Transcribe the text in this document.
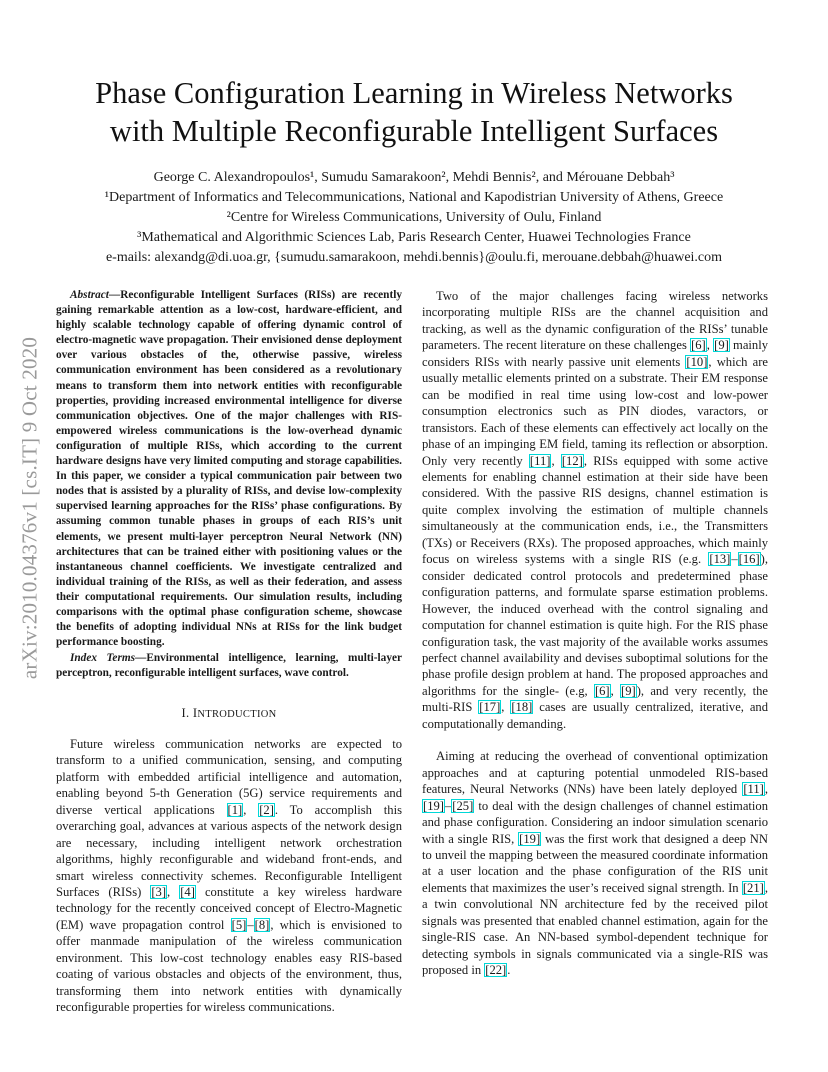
arXiv:2010.04376v1 [cs.IT] 9 Oct 2020
Phase Configuration Learning in Wireless Networks
with Multiple Reconfigurable Intelligent Surfaces
George C. Alexandropoulos¹, Sumudu Samarakoon², Mehdi Bennis², and Mérouane Debbah³
¹Department of Informatics and Telecommunications, National and Kapodistrian University of Athens, Greece
²Centre for Wireless Communications, University of Oulu, Finland
³Mathematical and Algorithmic Sciences Lab, Paris Research Center, Huawei Technologies France
e-mails: alexandg@di.uoa.gr, {sumudu.samarakoon, mehdi.bennis}@oulu.fi, merouane.debbah@huawei.com

Abstract—Reconfigurable Intelligent Surfaces (RISs) are recently gaining remarkable attention as a low-cost, hardware-efficient, and highly scalable technology capable of offering dynamic control of electro-magnetic wave propagation. Their envisioned dense deployment over various obstacles of the, otherwise passive, wireless communication environment has been considered as a revolutionary means to transform them into network entities with reconfigurable properties, providing increased environmental intelligence for diverse communication objectives. One of the major challenges with RIS-empowered wireless communications is the low-overhead dynamic configuration of multiple RISs, which according to the current hardware designs have very limited computing and storage capabilities. In this paper, we consider a typical communication pair between two nodes that is assisted by a plurality of RISs, and devise low-complexity supervised learning approaches for the RISs’ phase configurations. By assuming common tunable phases in groups of each RIS’s unit elements, we present multi-layer perceptron Neural Network (NN) architectures that can be trained either with positioning values or the instantaneous channel coefficients. We investigate centralized and individual training of the RISs, as well as their federation, and assess their computational requirements. Our simulation results, including comparisons with the optimal phase configuration scheme, showcase the benefits of adopting individual NNs at RISs for the link budget performance boosting.

Index Terms—Environmental intelligence, learning, multi-layer perceptron, reconfigurable intelligent surfaces, wave control.

I. INTRODUCTION

Future wireless communication networks are expected to transform to a unified communication, sensing, and computing platform with embedded artificial intelligence and automation, enabling beyond 5-th Generation (5G) service requirements and diverse vertical applications [1], [2]. To accomplish this overarching goal, advances at various aspects of the network design are necessary, including intelligent network orchestration algorithms, highly reconfigurable and wideband front-ends, and smart wireless connectivity schemes. Reconfigurable Intelligent Surfaces (RISs) [3], [4] constitute a key wireless hardware technology for the recently conceived concept of Electro-Magnetic (EM) wave propagation control [5]–[8], which is envisioned to offer manmade manipulation of the wireless communication environment. This low-cost technology enables easy RIS-based coating of various obstacles and objects of the environment, thus, transforming them into network entities with dynamically reconfigurable properties for wireless communications.

Two of the major challenges facing wireless networks incorporating multiple RISs are the channel acquisition and tracking, as well as the dynamic configuration of the RISs’ tunable parameters. The recent literature on these challenges [6], [9] mainly considers RISs with nearly passive unit elements [10], which are usually metallic elements printed on a substrate. Their EM response can be modified in real time using low-cost and low-power consumption electronics such as PIN diodes, varactors, or transistors. Each of these elements can effectively act locally on the phase of an impinging EM field, taming its reflection or absorption. Only very recently [11], [12], RISs equipped with some active elements for enabling channel estimation at their side have been considered. With the passive RIS designs, channel estimation is quite complex involving the estimation of multiple channels simultaneously at the communication ends, i.e., the Transmitters (TXs) or Receivers (RXs). The proposed approaches, which mainly focus on wireless systems with a single RIS (e.g. [13]–[16]), consider dedicated control protocols and predetermined phase configuration patterns, and formulate sparse estimation problems. However, the induced overhead with the control signaling and computation for channel estimation is quite high. For the RIS phase configuration task, the vast majority of the available works assumes perfect channel availability and devises suboptimal solutions for the phase profile design problem at hand. The proposed approaches and algorithms for the single- (e.g, [6], [9]), and very recently, the multi-RIS [17], [18] cases are usually centralized, iterative, and computationally demanding.

Aiming at reducing the overhead of conventional optimization approaches and at capturing potential unmodeled RIS-based features, Neural Networks (NNs) have been lately deployed [11], [19]–[25] to deal with the design challenges of channel estimation and phase configuration. Considering an indoor simulation scenario with a single RIS, [19] was the first work that designed a deep NN to unveil the mapping between the measured coordinate information at a user location and the phase configuration of the RIS unit elements that maximizes the user’s received signal strength. In [21], a twin convolutional NN architecture fed by the received pilot signals was presented that enabled channel estimation, again for the single-RIS case. An NN-based symbol-dependent technique for detecting symbols in signals communicated via a single-RIS was proposed in [22].
